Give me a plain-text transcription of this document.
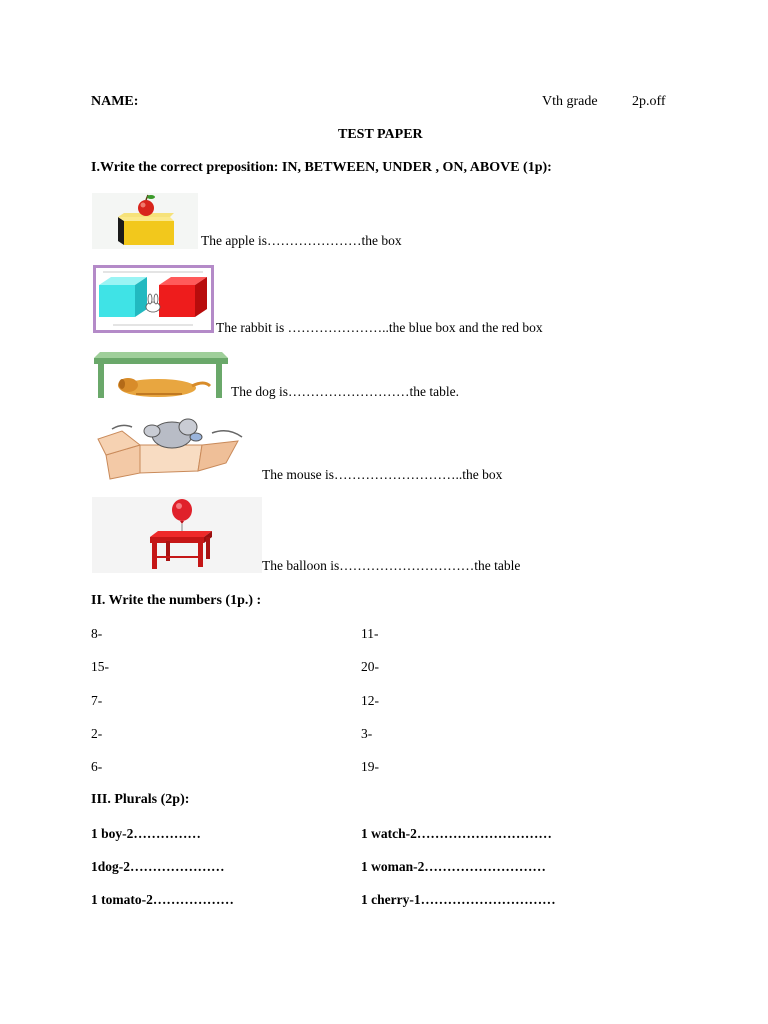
NAME:	Vth grade 2p.off
TEST PAPER
I.Write the correct preposition: IN, BETWEEN, UNDER , ON, ABOVE (1p):
The apple is…………………the box
The rabbit is …………………..the blue box and the red box
The dog is………………………the table.
The mouse is………………………..the box
The balloon is…………………………the table
II. Write the numbers (1p.) :
8-
15-
7-
2-
6-
11-
20-
12-
3-
19-
III. Plurals (2p):
1 boy-2……………
1dog-2…………………
1 tomato-2………………
1 watch-2…………………………
1 woman-2………………………
1 cherry-1…………………………
